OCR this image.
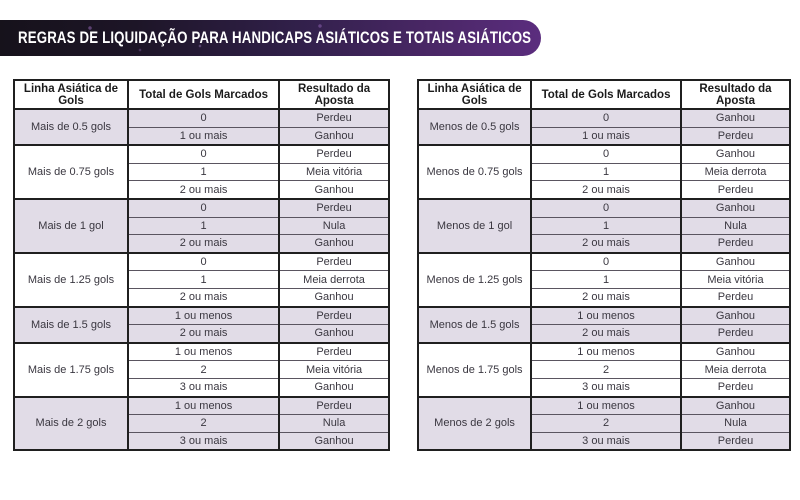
REGRAS DE LIQUIDAÇÃO PARA HANDICAPS ASIÁTICOS E TOTAIS ASIÁTICOS
Linha Asiática de Gols	Total de Gols Marcados	Resultado da Aposta
Mais de 0.5 gols	0	Perdeu
	1 ou mais	Ganhou
Mais de 0.75 gols	0	Perdeu
	1	Meia vitória
	2 ou mais	Ganhou
Mais de 1 gol	0	Perdeu
	1	Nula
	2 ou mais	Ganhou
Mais de 1.25 gols	0	Perdeu
	1	Meia derrota
	2 ou mais	Ganhou
Mais de 1.5 gols	1 ou menos	Perdeu
	2 ou mais	Ganhou
Mais de 1.75 gols	1 ou menos	Perdeu
	2	Meia vitória
	3 ou mais	Ganhou
Mais de 2 gols	1 ou menos	Perdeu
	2	Nula
	3 ou mais	Ganhou
Linha Asiática de Gols	Total de Gols Marcados	Resultado da Aposta
Menos de 0.5 gols	0	Ganhou
	1 ou mais	Perdeu
Menos de 0.75 gols	0	Ganhou
	1	Meia derrota
	2 ou mais	Perdeu
Menos de 1 gol	0	Ganhou
	1	Nula
	2 ou mais	Perdeu
Menos de 1.25 gols	0	Ganhou
	1	Meia vitória
	2 ou mais	Perdeu
Menos de 1.5 gols	1 ou menos	Ganhou
	2 ou mais	Perdeu
Menos de 1.75 gols	1 ou menos	Ganhou
	2	Meia derrota
	3 ou mais	Perdeu
Menos de 2 gols	1 ou menos	Ganhou
	2	Nula
	3 ou mais	Perdeu
